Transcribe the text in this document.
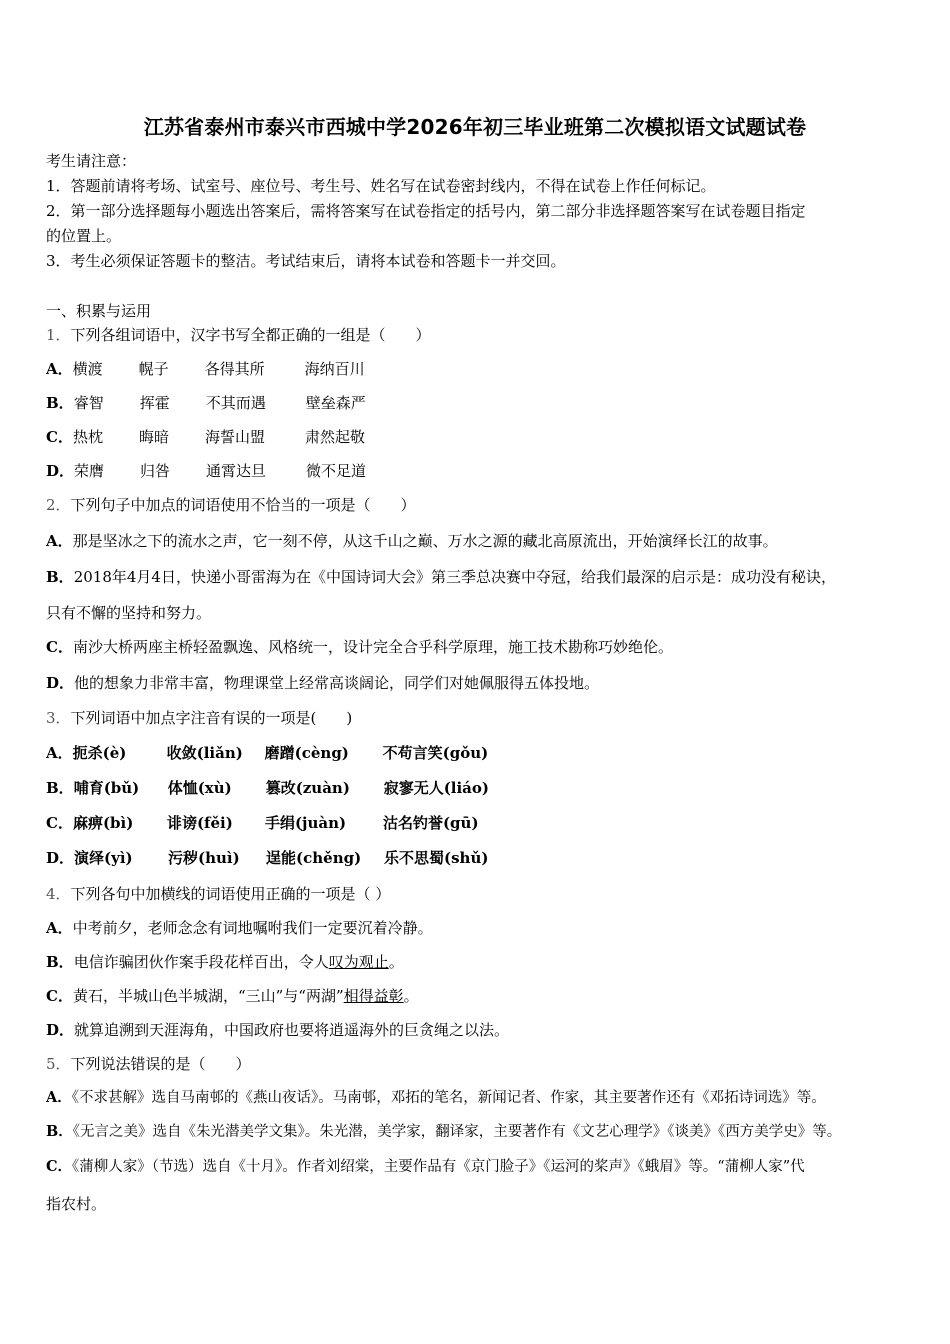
江苏省泰州市泰兴市西城中学2026年初三毕业班第二次模拟语文试题试卷
考生请注意：
1．答题前请将考场、试室号、座位号、考生号、姓名写在试卷密封线内，不得在试卷上作任何标记。
2．第一部分选择题每小题选出答案后，需将答案写在试卷指定的括号内，第二部分非选择题答案写在试卷题目指定
的位置上。
3．考生必须保证答题卡的整洁。考试结束后，请将本试卷和答题卡一并交回。
一、积累与运用
1．下列各组词语中，汉字书写全都正确的一组是（　　）
A．横渡 幌子 各得其所	海纳百川
B．睿智 挥霍 不其而遇	壁垒森严
C．热枕 晦暗 海誓山盟	肃然起敬
D．荣膺 归咎 通霄达旦	微不足道
2．下列句子中加点的词语使用不恰当的一项是（　　）
A．那是坚冰之下的流水之声，它一刻不停，从这千山之巅、万水之源的藏北高原流出，开始演绎长江的故事。
B．2018年4月4日，快递小哥雷海为在《中国诗词大会》第三季总决赛中夺冠，给我们最深的启示是：成功没有秘诀，
只有不懈的坚持和努力。
C．南沙大桥两座主桥轻盈飘逸、风格统一，设计完全合乎科学原理，施工技术勘称巧妙绝伦。
D．他的想象力非常丰富，物理课堂上经常高谈阔论，同学们对她佩服得五体投地。
3．下列词语中加点字注音有误的一项是(　　)
A．扼杀(è)	收敛(liǎn) 磨蹭(cèng) 不苟言笑(gǒu)
B．哺育(bǔ) 体恤(xù) 篡改(zuàn) 寂寥无人(liáo)
C．麻痹(bì) 诽谤(fěi) 手绢(juàn) 沽名钓誉(gū)
D．演绎(yì) 污秽(huì) 逞能(chěng) 乐不思蜀(shǔ)
4．下列各句中加横线的词语使用正确的一项是（ ）
A．中考前夕，老师念念有词地嘱咐我们一定要沉着冷静。
B．电信诈骗团伙作案手段花样百出，令人叹为观止。
C．黄石，半城山色半城湖，“三山”与“两湖”相得益彰。
D．就算追溯到天涯海角，中国政府也要将逍遥海外的巨贪绳之以法。
5．下列说法错误的是（　　）
A．《不求甚解》选自马南邨的《燕山夜话》。马南邨，邓拓的笔名，新闻记者、作家，其主要著作还有《邓拓诗词选》等。
B．《无言之美》选自《朱光潜美学文集》。朱光潜，美学家，翻译家，主要著作有《文艺心理学》《谈美》《西方美学史》等。
C．《蒲柳人家》（节选）选自《十月》。作者刘绍棠，主要作品有《京门脸子》《运河的桨声》《蛾眉》等。“蒲柳人家”代
指农村。
